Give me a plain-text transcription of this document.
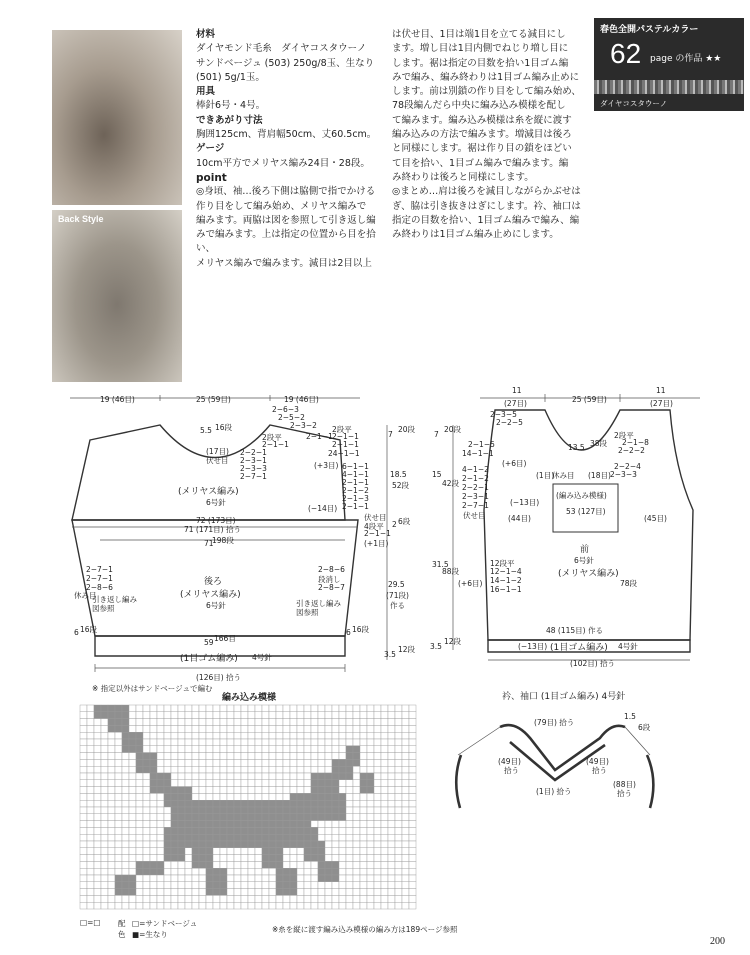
Back Style
材料
ダイヤモンド毛糸　ダイヤコスタウーノ
サンドベージュ (503) 250g/8玉、生なり
(501) 5g/1玉。
用具
棒針6号・4号。
できあがり寸法
胸囲125cm、背肩幅50cm、丈60.5cm。
ゲージ
10cm平方でメリヤス編み24目・28段。
point
◎身頃、袖…後ろ下側は脇側で指でかける
作り目をして編み始め、メリヤス編みで
編みます。両脇は図を参照して引き返し編
みで編みます。上は指定の位置から目を拾い、
メリヤス編みで編みます。減目は2目以上
は伏せ目、1目は端1目を立てる減目にし
ます。増し目は1目内側でねじり増し目に
します。裾は指定の目数を拾い1目ゴム編
みで編み、編み終わりは1目ゴム編み止めに
します。前は別鎖の作り目をして編み始め、
78段編んだら中央に編み込み模様を配し
て編みます。編み込み模様は糸を縦に渡す
編み込みの方法で編みます。増減目は後ろ
と同様にします。裾は作り目の鎖をほどい
て目を拾い、1目ゴム編みで編みます。編
み終わりは後ろと同様にします。
◎まとめ…肩は後ろを減目しながらかぶせは
ぎ、脇は引き抜きはぎにします。衿、袖口は
指定の目数を拾い、1目ゴム編みで編み、編
み終わりは1目ゴム編み止めにします。
春色全開パステルカラー
62 page の作品 ★★
ダイヤコスタウーノ
19 (46目)	25 (59目)	19 (46目)
2−6−3
2−5−2
2−3−2
5.5 16段
2段平
2−1−1
2−2−1
2−3−1
2−3−3
2−7−1
(17目)
伏せ目
2−1−1
2段平
2−1−1
2−1−1
24−1−1
7
20段
(+3目) 6−1−1
4−1−1
2−1−1
2−1−2
2−1−3
2−1−1
18.5
52段
(−14目)
伏せ目
(メリヤス編み)
6号針
72 (173目)
71 (171目) 拾う
71
198段
4段平
2−1−1
(+1目)
2 6段
2−7−1
2−7−1
2−8−6
引き返し編み
図参照
休み目
後ろ
(メリヤス編み)
6号針
2−8−6
段消し
2−8−7
引き返し編み
図参照
29.5
(71段)
作る
6 16段
59 166目
6 16段
(1目ゴム編み) 4号針	3.5
12段
(126目) 拾う
※ 指定以外はサンドベージュで編む
11
(27目)	25 (59目)
11
(27目)
2−3−5
2−2−5
2−1−5
14−1−1
(+6目)
4−1−2
2−1−2
2−2−1
2−3−1
2−7−1
伏せ目
(−13目)
13.5 38段
(1目)
休み目 (18目)
(編み込み模様)
53 (127目)
2段平
2−1−8
2−2−2
2−2−4
2−3−3
(44目)	(45目)
7
20段
15
42段
31.5
88段
前
6号針
(メリヤス編み)
12段平
12−1−4
14−1−2
16−1−1
(+6目)	78段
48 (115目) 作る
(−13目) (1目ゴム編み) 4号針
3.5
12段
(102目) 拾う
編み込み模様
□=□ 配
色
□=サンドベージュ
■=生なり
※糸を縦に渡す編み込み模様の編み方は189ページ参照
衿、袖口 (1目ゴム編み) 4号針
(79目) 拾う
1.5
6段
(49目)
拾う
(49目)
拾う
(1目) 拾う
(88目)
拾う
200
